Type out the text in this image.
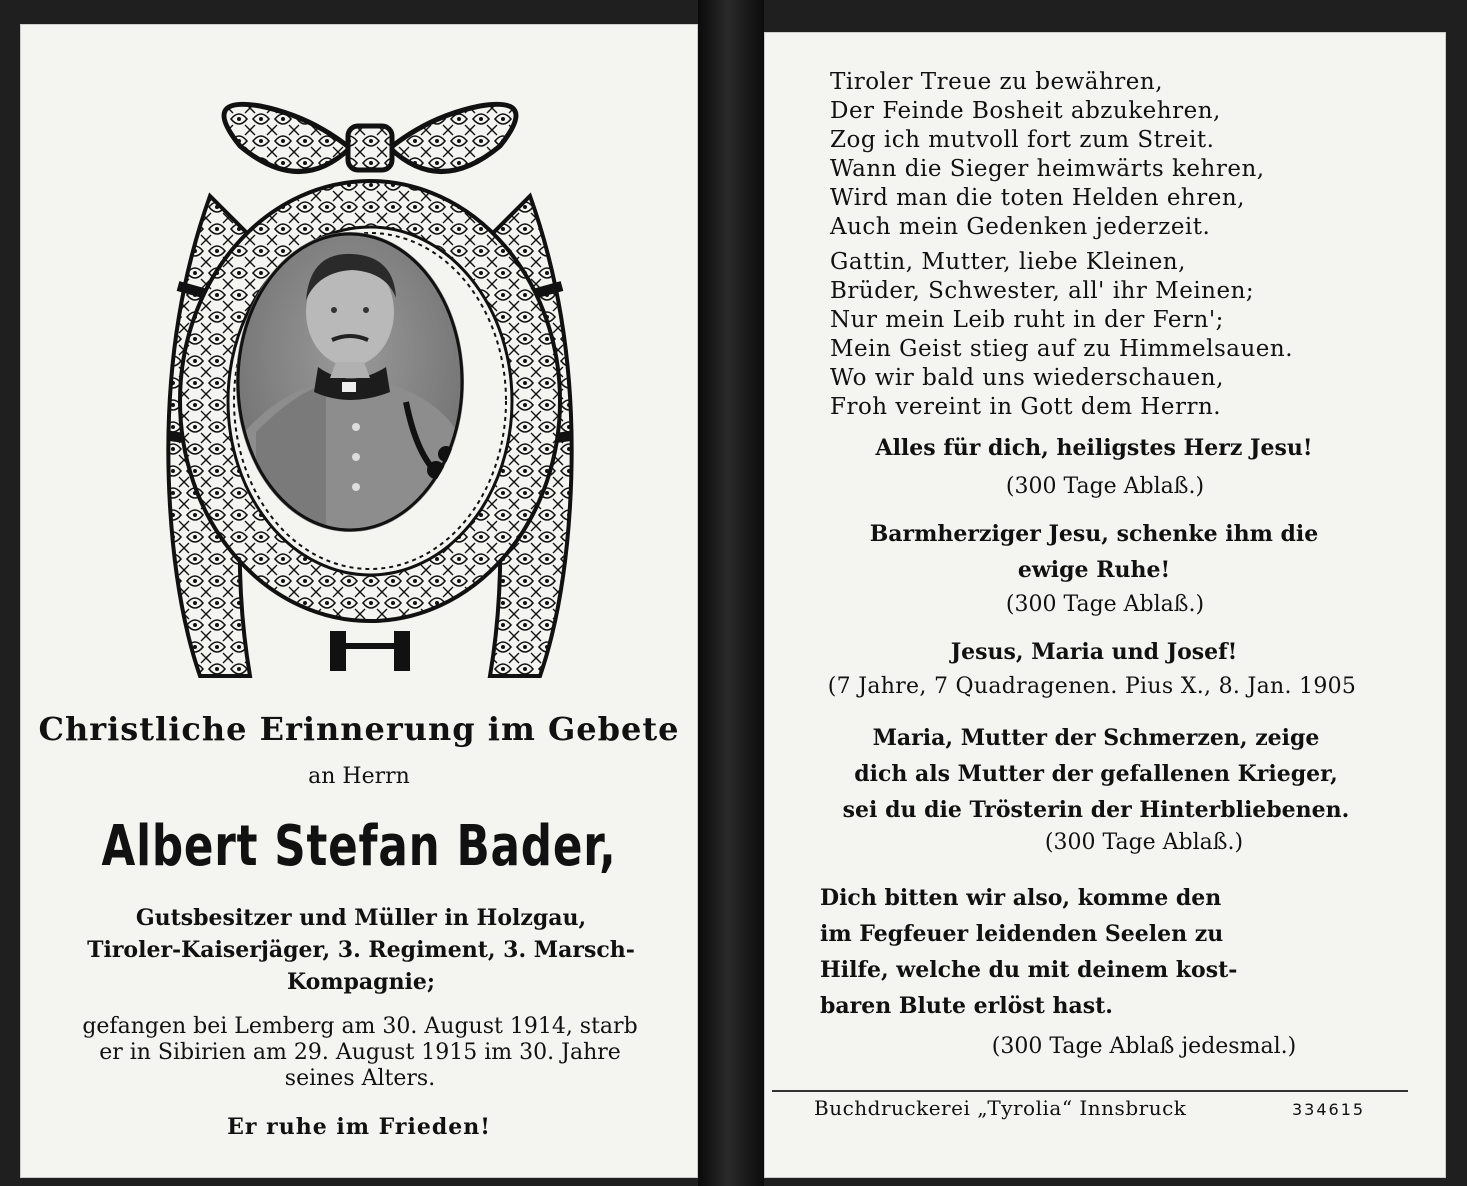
Christliche Erinnerung im Gebete
an Herrn
Albert Stefan Bader,
Gutsbesitzer und Müller in Holzgau,
Tiroler-Kaiserjäger, 3. Regiment, 3. Marsch-
Kompagnie;
gefangen bei Lemberg am 30. August 1914, starb
er in Sibirien am 29. August 1915 im 30. Jahre
seines Alters.
Er ruhe im Frieden!
Tiroler Treue zu bewähren,
Der Feinde Bosheit abzukehren,
Zog ich mutvoll fort zum Streit.
Wann die Sieger heimwärts kehren,
Wird man die toten Helden ehren,
Auch mein Gedenken jederzeit.
Gattin, Mutter, liebe Kleinen,
Brüder, Schwester, all' ihr Meinen;
Nur mein Leib ruht in der Fern';
Mein Geist stieg auf zu Himmelsauen.
Wo wir bald uns wiederschauen,
Froh vereint in Gott dem Herrn.
Alles für dich, heiligstes Herz Jesu!
(300 Tage Ablaß.)
Barmherziger Jesu, schenke ihm die
ewige Ruhe!
(300 Tage Ablaß.)
Jesus, Maria und Josef!
(7 Jahre, 7 Quadragenen. Pius X., 8. Jan. 1905
Maria, Mutter der Schmerzen, zeige
dich als Mutter der gefallenen Krieger,
sei du die Trösterin der Hinterbliebenen.
(300 Tage Ablaß.)
Dich bitten wir also, komme den
im Fegfeuer leidenden Seelen zu
Hilfe, welche du mit deinem kost-
baren Blute erlöst hast.
(300 Tage Ablaß jedesmal.)
Buchdruckerei „Tyrolia“ Innsbruck	334615
